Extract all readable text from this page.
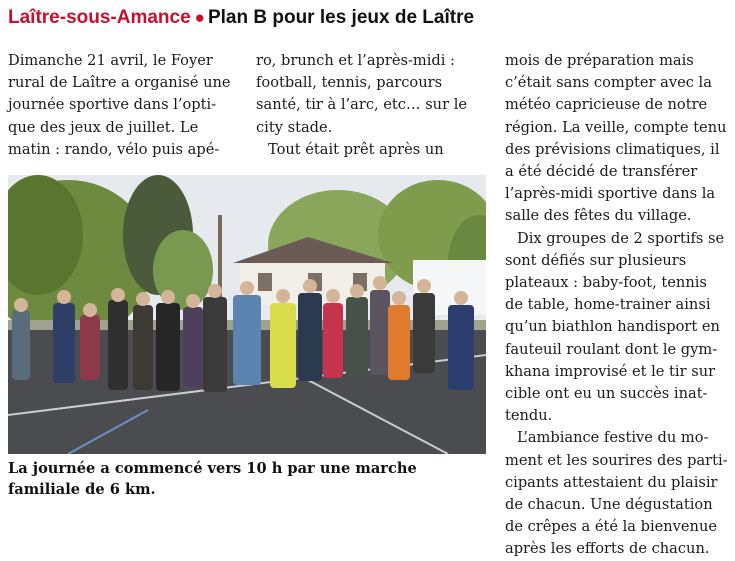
Laître-sous-Amance ● Plan B pour les jeux de Laître
Dimanche 21 avril, le Foyer
rural de Laître a organisé une
journée sportive dans l’opti-
que des jeux de juillet. Le
matin : rando, vélo puis apé-
ro, brunch et l’après-midi :
football, tennis, parcours
santé, tir à l’arc, etc… sur le
city stade.
Tout était prêt après un
mois de préparation mais
c’était sans compter avec la
météo capricieuse de notre
région. La veille, compte tenu
des prévisions climatiques, il
a été décidé de transférer
l’après-midi sportive dans la
salle des fêtes du village.
Dix groupes de 2 sportifs se
sont défiés sur plusieurs
plateaux : baby-foot, tennis
de table, home-trainer ainsi
qu’un biathlon handisport en
fauteuil roulant dont le gym-
khana improvisé et le tir sur
cible ont eu un succès inat-
tendu.
L’ambiance festive du mo-
ment et les sourires des parti-
cipants attestaient du plaisir
de chacun. Une dégustation
de crêpes a été la bienvenue
après les efforts de chacun.
La journée a commencé vers 10 h par une marche familiale de 6 km.
